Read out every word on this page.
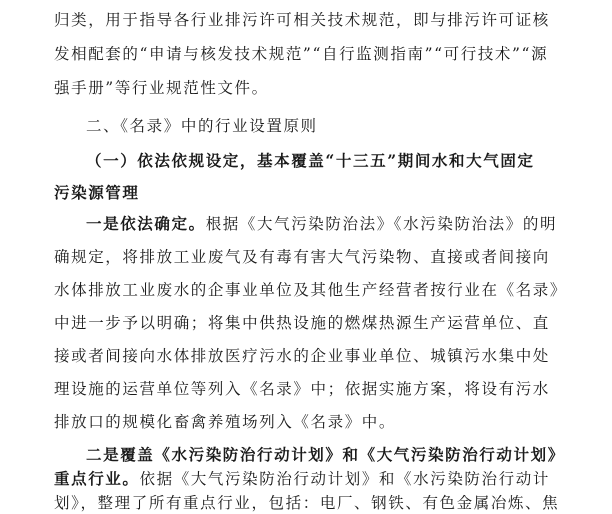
归类，用于指导各行业排污许可相关技术规范，即与排污许可证核
发相配套的“申请与核发技术规范”“自行监测指南”“可行技术”“源
强手册”等行业规范性文件。
二、《名录》中的行业设置原则
（一）依法依规设定，基本覆盖“十三五”期间水和大气固定
污染源管理
一是依法确定。根据《大气污染防治法》《水污染防治法》的明
确规定，将排放工业废气及有毒有害大气污染物、直接或者间接向
水体排放工业废水的企事业单位及其他生产经营者按行业在《名录》
中进一步予以明确；将集中供热设施的燃煤热源生产运营单位、直
接或者间接向水体排放医疗污水的企业事业单位、城镇污水集中处
理设施的运营单位等列入《名录》中；依据实施方案，将设有污水
排放口的规模化畜禽养殖场列入《名录》中。
二是覆盖《水污染防治行动计划》和《大气污染防治行动计划》
重点行业。依据《大气污染防治行动计划》和《水污染防治行动计
划》，整理了所有重点行业，包括：电厂、钢铁、有色金属冶炼、焦
